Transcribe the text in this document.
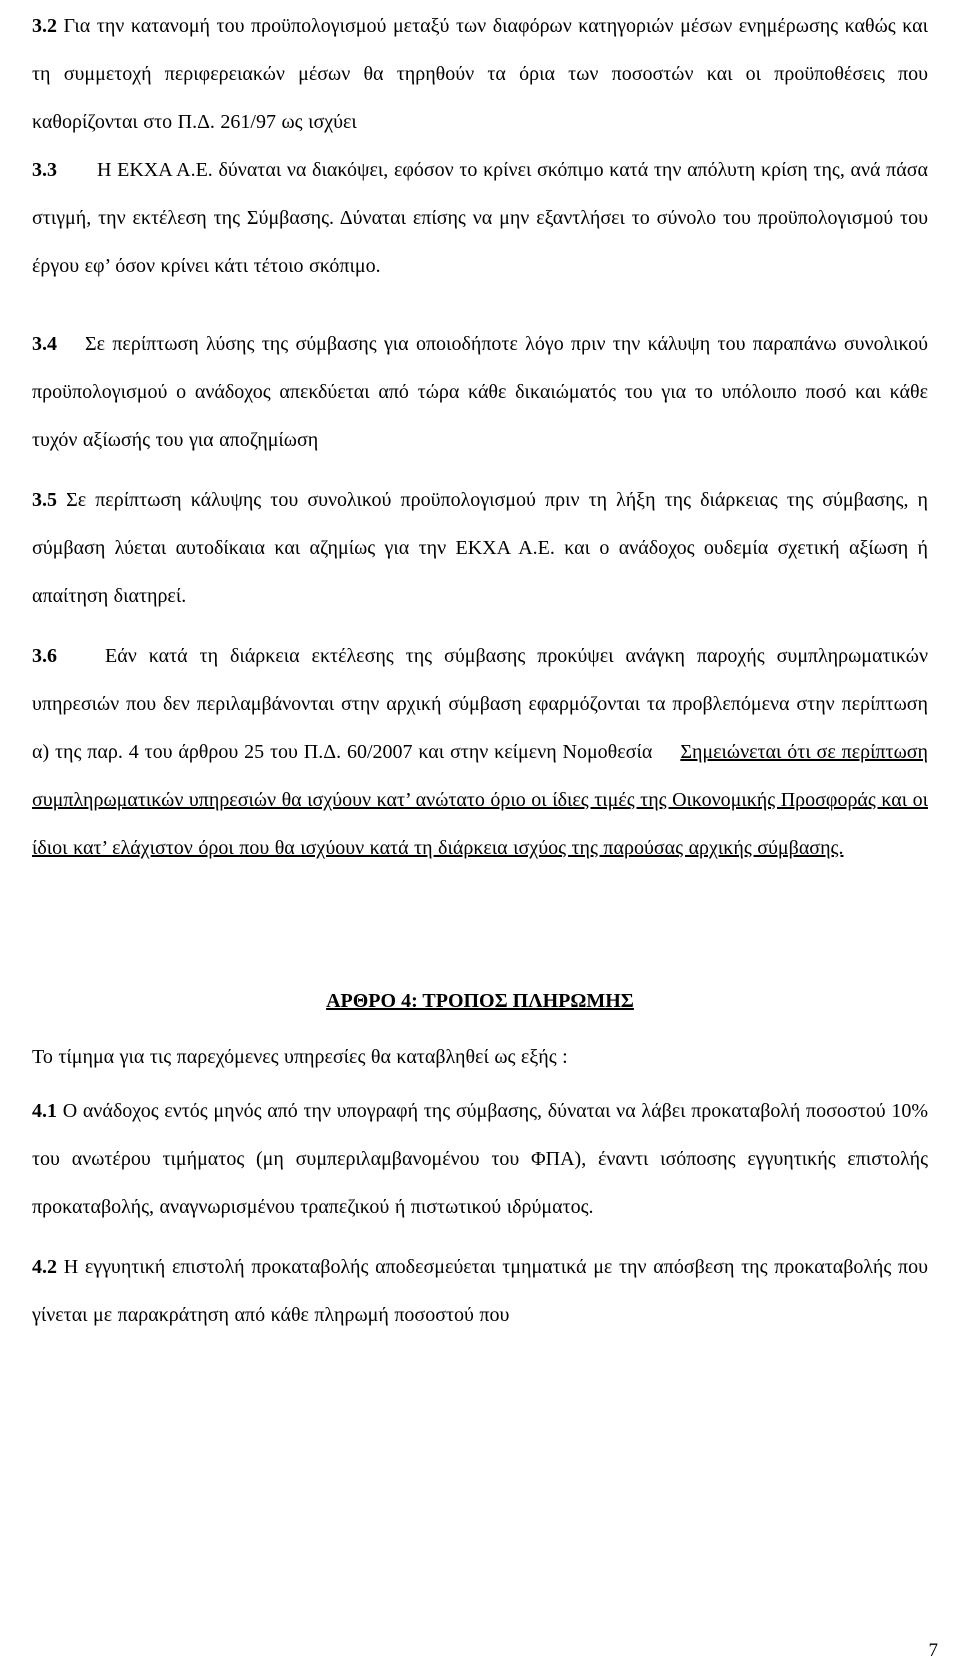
3.2 Για την κατανομή του προϋπολογισμού μεταξύ των διαφόρων κατηγοριών μέσων ενημέρωσης καθώς και τη συμμετοχή περιφερειακών μέσων θα τηρηθούν τα όρια των ποσοστών και οι προϋποθέσεις που καθορίζονται στο Π.Δ. 261/97 ως ισχύει

3.3 Η ΕΚΧΑ Α.Ε. δύναται να διακόψει, εφόσον το κρίνει σκόπιμο κατά την απόλυτη κρίση της, ανά πάσα στιγμή, την εκτέλεση της Σύμβασης. Δύναται επίσης να μην εξαντλήσει το σύνολο του προϋπολογισμού του έργου εφ’ όσον κρίνει κάτι τέτοιο σκόπιμο.

3.4 Σε περίπτωση λύσης της σύμβασης για οποιοδήποτε λόγο πριν την κάλυψη του παραπάνω συνολικού προϋπολογισμού ο ανάδοχος απεκδύεται από τώρα κάθε δικαιώματός του για το υπόλοιπο ποσό και κάθε τυχόν αξίωσής του για αποζημίωση

3.5 Σε περίπτωση κάλυψης του συνολικού προϋπολογισμού πριν τη λήξη της διάρκειας της σύμβασης, η σύμβαση λύεται αυτοδίκαια και αζημίως για την ΕΚΧΑ Α.Ε. και ο ανάδοχος ουδεμία σχετική αξίωση ή απαίτηση διατηρεί.

3.6 Εάν κατά τη διάρκεια εκτέλεσης της σύμβασης προκύψει ανάγκη παροχής συμπληρωματικών υπηρεσιών που δεν περιλαμβάνονται στην αρχική σύμβαση εφαρμόζονται τα προβλεπόμενα στην περίπτωση α) της παρ. 4 του άρθρου 25 του Π.Δ. 60/2007 και στην κείμενη Νομοθεσία Σημειώνεται ότι σε περίπτωση συμπληρωματικών υπηρεσιών θα ισχύουν κατ’ ανώτατο όριο οι ίδιες τιμές της Οικονομικής Προσφοράς και οι ίδιοι κατ’ ελάχιστον όροι που θα ισχύουν κατά τη διάρκεια ισχύος της παρούσας αρχικής σύμβασης.

ΑΡΘΡΟ 4: ΤΡΟΠΟΣ ΠΛΗΡΩΜΗΣ

Το τίμημα για τις παρεχόμενες υπηρεσίες θα καταβληθεί ως εξής :

4.1 Ο ανάδοχος εντός μηνός από την υπογραφή της σύμβασης, δύναται να λάβει προκαταβολή ποσοστού 10% του ανωτέρου τιμήματος (μη συμπεριλαμβανομένου του ΦΠΑ), έναντι ισόποσης εγγυητικής επιστολής προκαταβολής, αναγνωρισμένου τραπεζικού ή πιστωτικού ιδρύματος.

4.2 Η εγγυητική επιστολή προκαταβολής αποδεσμεύεται τμηματικά με την απόσβεση της προκαταβολής που γίνεται με παρακράτηση από κάθε πληρωμή ποσοστού που

7
